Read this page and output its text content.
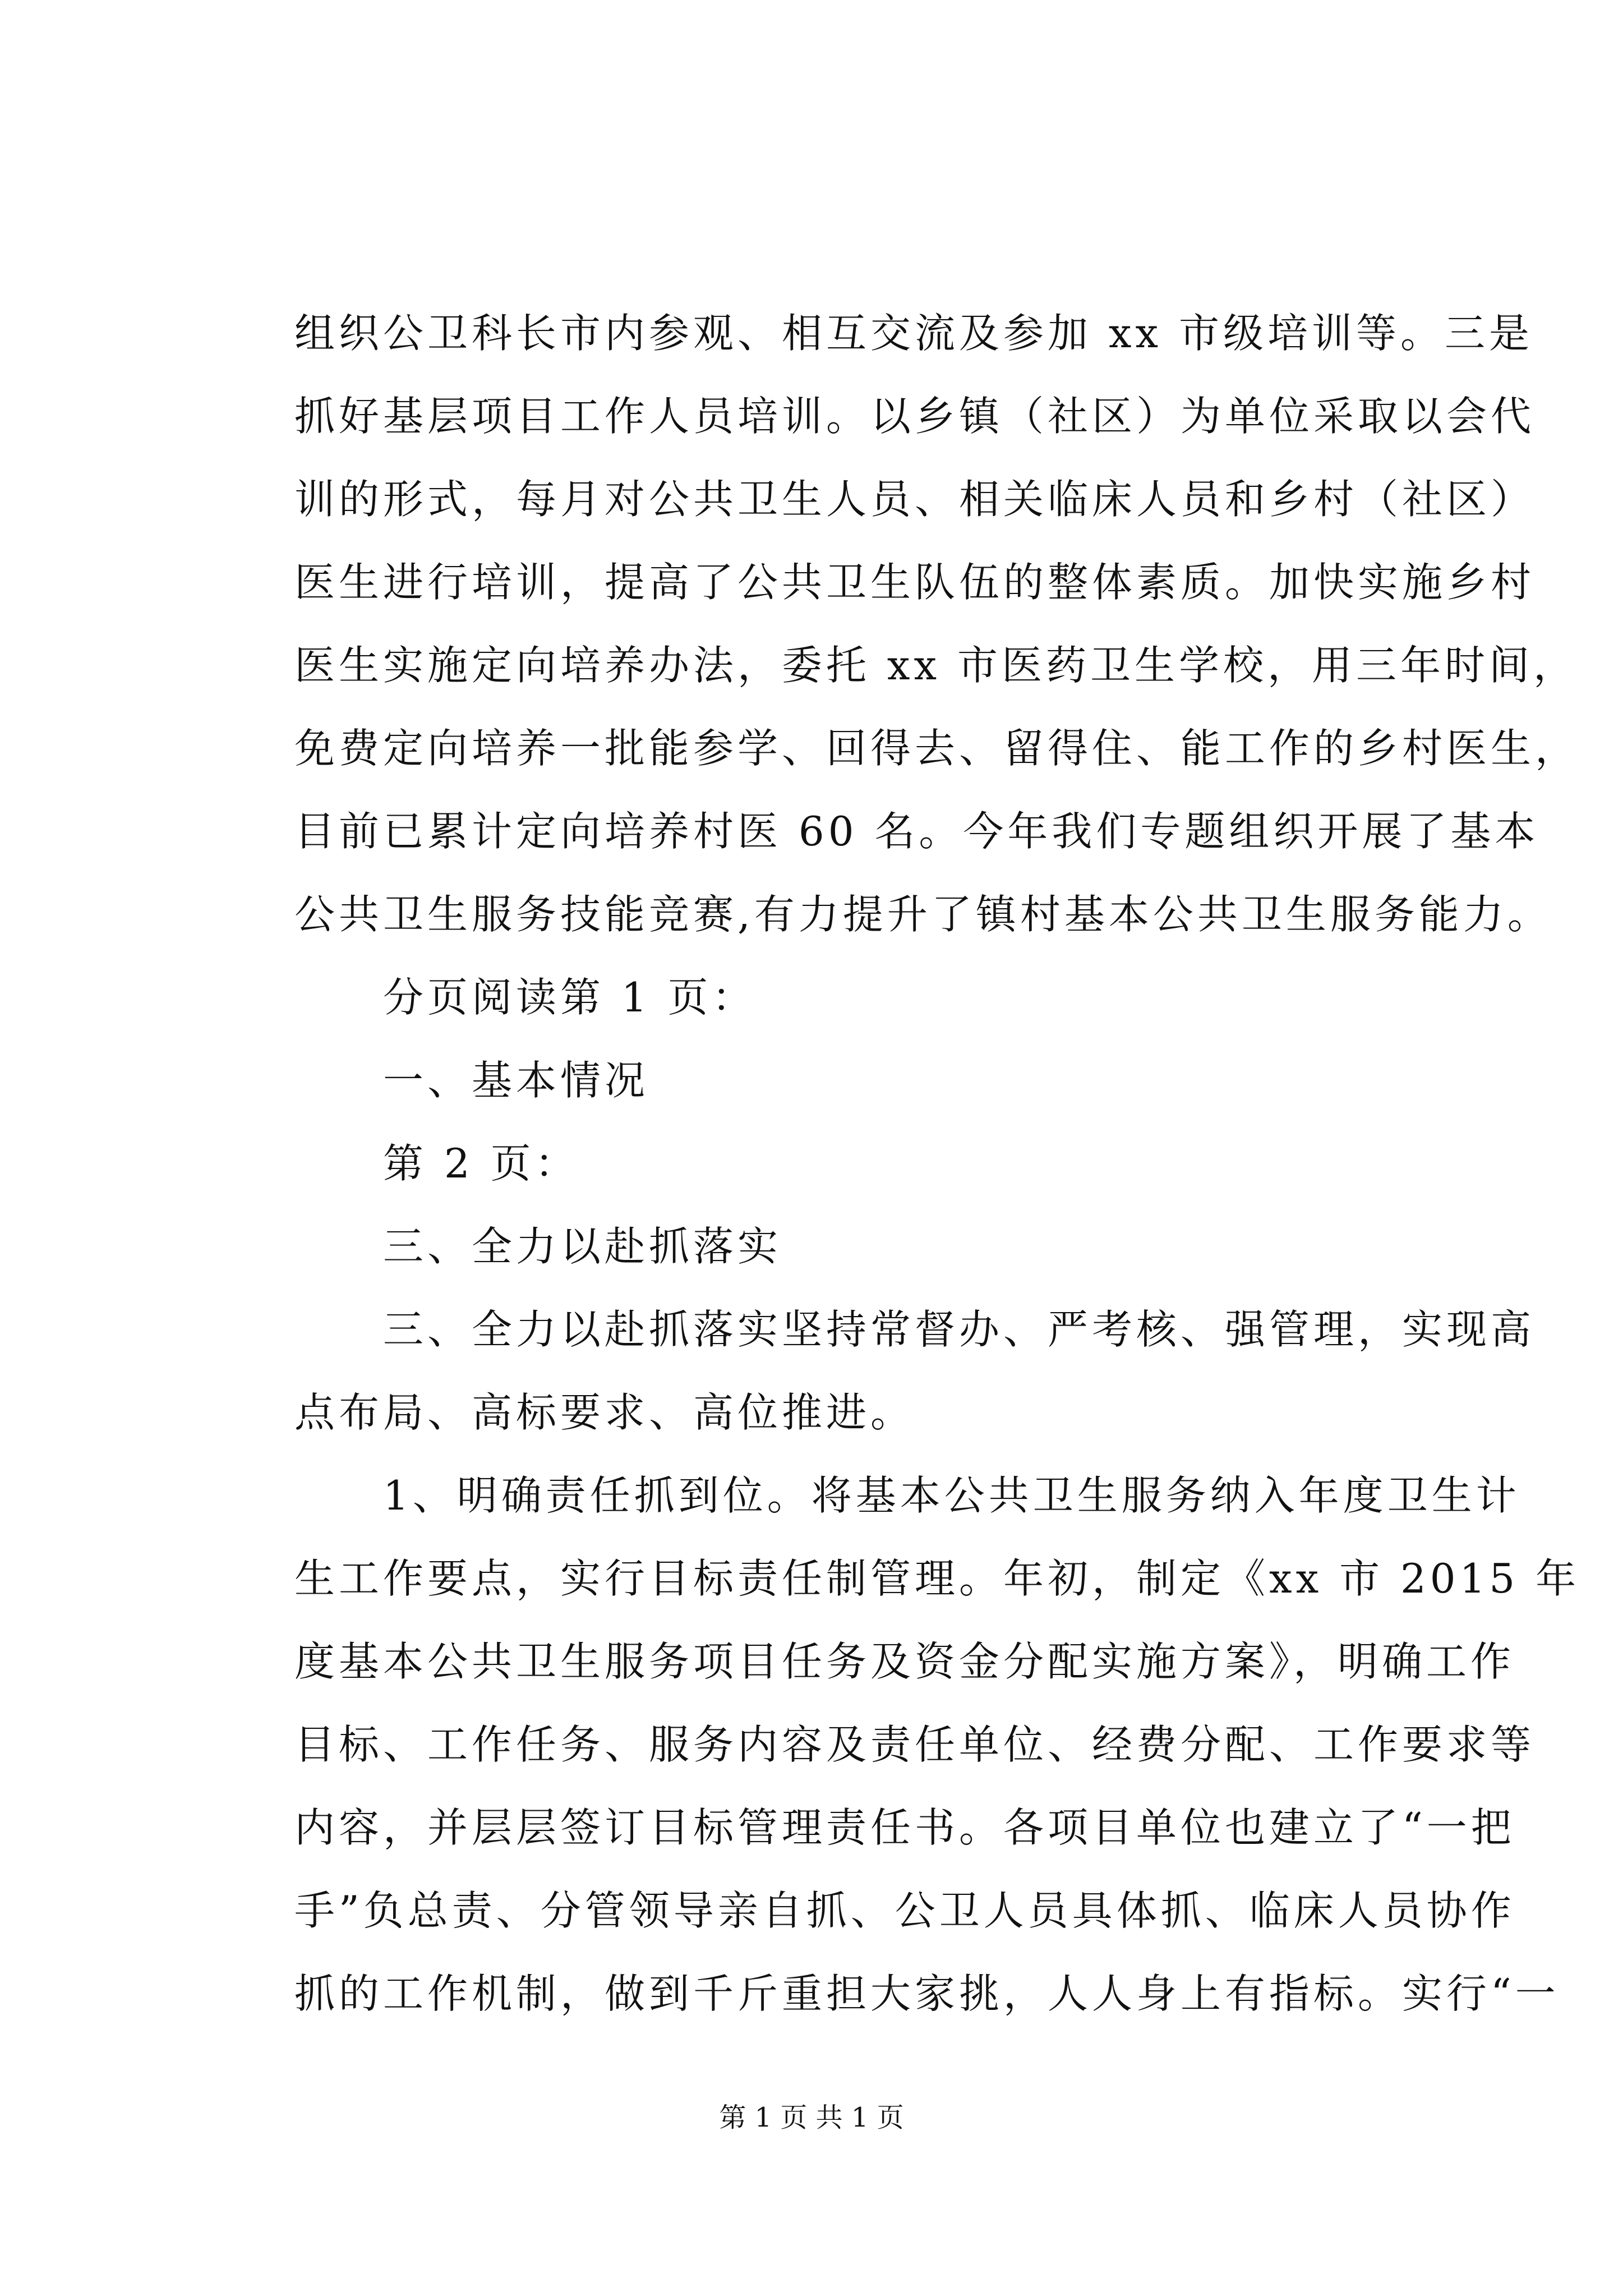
组织公卫科长市内参观、相互交流及参加 xx 市级培训等。三是
抓好基层项目工作人员培训。以乡镇（社区）为单位采取以会代
训的形式，每月对公共卫生人员、相关临床人员和乡村（社区）
医生进行培训，提高了公共卫生队伍的整体素质。加快实施乡村
医生实施定向培养办法，委托 xx 市医药卫生学校，用三年时间，
免费定向培养一批能参学、回得去、留得住、能工作的乡村医生，
目前已累计定向培养村医 60 名。今年我们专题组织开展了基本
公共卫生服务技能竞赛,有力提升了镇村基本公共卫生服务能力。
　　分页阅读第 1 页：
　　一、基本情况
　　第 2 页：
　　三、全力以赴抓落实
　　三、全力以赴抓落实坚持常督办、严考核、强管理，实现高
点布局、高标要求、高位推进。
　　1、明确责任抓到位。将基本公共卫生服务纳入年度卫生计
生工作要点，实行目标责任制管理。年初，制定《xx 市 2015 年
度基本公共卫生服务项目任务及资金分配实施方案》，明确工作
目标、工作任务、服务内容及责任单位、经费分配、工作要求等
内容，并层层签订目标管理责任书。各项目单位也建立了“一把
手”负总责、分管领导亲自抓、公卫人员具体抓、临床人员协作
抓的工作机制，做到千斤重担大家挑，人人身上有指标。实行“一
第 1 页 共 1 页
